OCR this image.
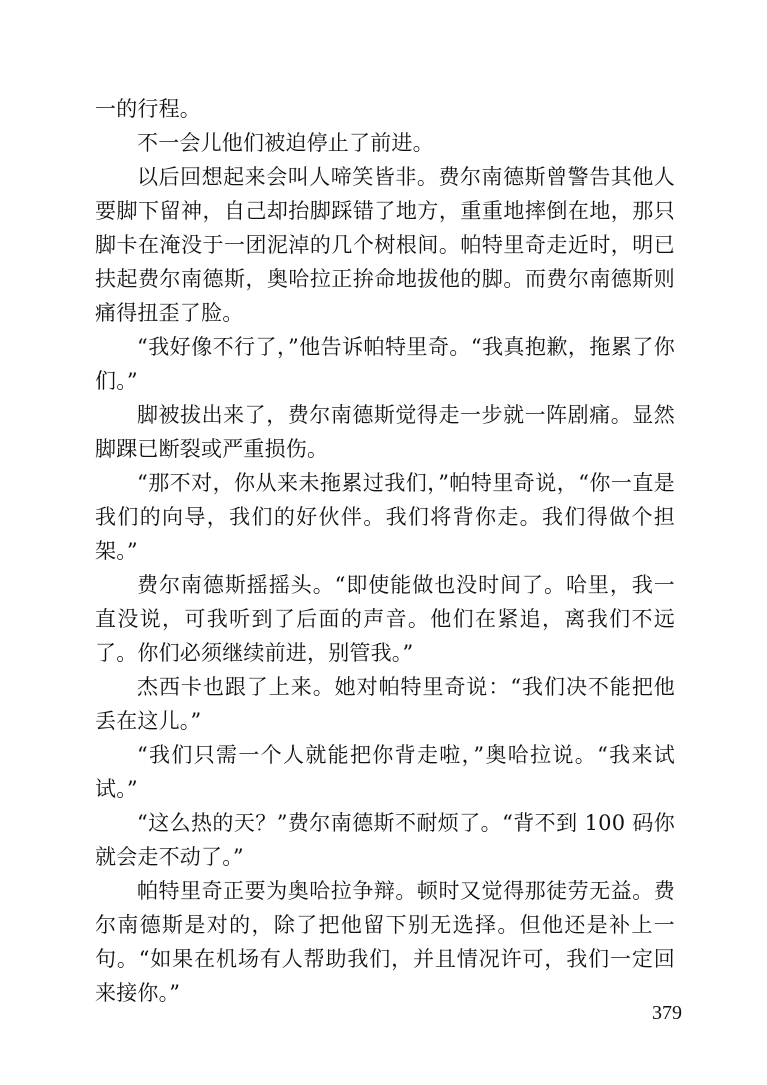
一的行程。

不一会儿他们被迫停止了前进。

以后回想起来会叫人啼笑皆非。费尔南德斯曾警告其他人要脚下留神，自己却抬脚踩错了地方，重重地摔倒在地，那只脚卡在淹没于一团泥淖的几个树根间。帕特里奇走近时，明已扶起费尔南德斯，奥哈拉正拚命地拔他的脚。而费尔南德斯则痛得扭歪了脸。

“我好像不行了，”他告诉帕特里奇。“我真抱歉，拖累了你们。”

脚被拔出来了，费尔南德斯觉得走一步就一阵剧痛。显然脚踝已断裂或严重损伤。

“那不对，你从来未拖累过我们，”帕特里奇说，“你一直是我们的向导，我们的好伙伴。我们将背你走。我们得做个担架。”

费尔南德斯摇摇头。“即使能做也没时间了。哈里，我一直没说，可我听到了后面的声音。他们在紧追，离我们不远了。你们必须继续前进，别管我。”

杰西卡也跟了上来。她对帕特里奇说：“我们决不能把他丢在这儿。”

“我们只需一个人就能把你背走啦，”奥哈拉说。“我来试试。”

“这么热的天？”费尔南德斯不耐烦了。“背不到 100 码你就会走不动了。”

帕特里奇正要为奥哈拉争辩。顿时又觉得那徒劳无益。费尔南德斯是对的，除了把他留下别无选择。但他还是补上一句。“如果在机场有人帮助我们，并且情况许可，我们一定回来接你。”

379
